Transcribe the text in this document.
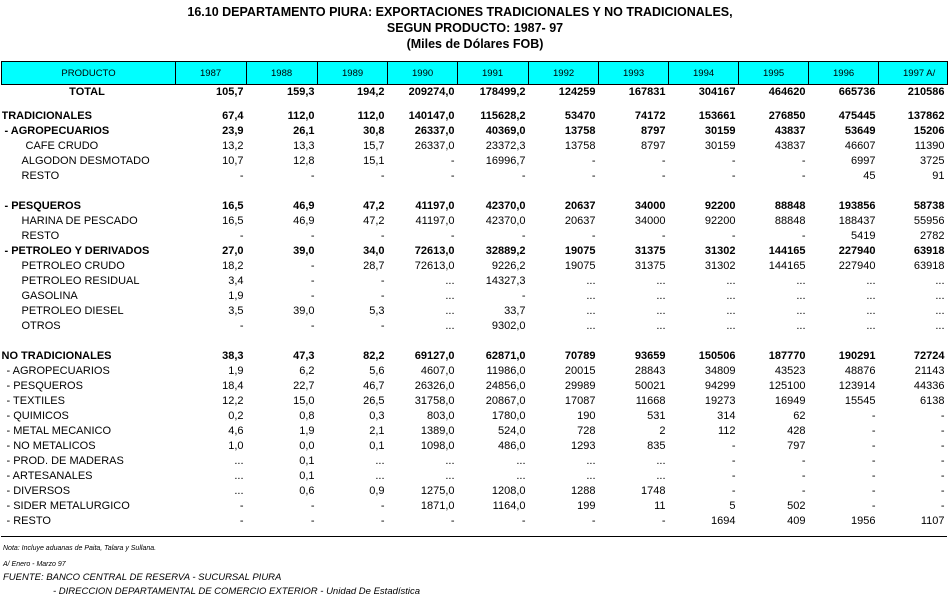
16.10 DEPARTAMENTO PIURA: EXPORTACIONES TRADICIONALES Y NO TRADICIONALES,
SEGUN PRODUCTO: 1987- 97
(Miles de Dólares FOB)
PRODUCTO	1987	1988	1989	1990	1991	1992	1993	1994	1995	1996	1997 A/
TOTAL	105,7	159,3	194,2	209274,0	178499,2	124259	167831	304167	464620	665736	210586

TRADICIONALES	67,4	112,0	112,0	140147,0	115628,2	53470	74172	153661	276850	475445	137862
- AGROPECUARIOS	23,9	26,1	30,8	26337,0	40369,0	13758	8797	30159	43837	53649	15206
CAFE CRUDO	13,2	13,3	15,7	26337,0	23372,3	13758	8797	30159	43837	46607	11390
ALGODON DESMOTADO	10,7	12,8	15,1	-	16996,7	-	-	-	-	6997	3725
RESTO	-	-	-	-	-	-	-	-	-	45	91

- PESQUEROS	16,5	46,9	47,2	41197,0	42370,0	20637	34000	92200	88848	193856	58738
HARINA DE PESCADO	16,5	46,9	47,2	41197,0	42370,0	20637	34000	92200	88848	188437	55956
RESTO	-	-	-	-	-	-	-	-	-	5419	2782
- PETROLEO Y DERIVADOS	27,0	39,0	34,0	72613,0	32889,2	19075	31375	31302	144165	227940	63918
PETROLEO CRUDO	18,2	-	28,7	72613,0	9226,2	19075	31375	31302	144165	227940	63918
PETROLEO RESIDUAL	3,4	-	-	...	14327,3	...	...	...	...	...	...
GASOLINA	1,9	-	-	...	-	...	...	...	...	...	...
PETROLEO DIESEL	3,5	39,0	5,3	...	33,7	...	...	...	...	...	...
OTROS	-	-	-	...	9302,0	...	...	...	...	...	...

NO TRADICIONALES	38,3	47,3	82,2	69127,0	62871,0	70789	93659	150506	187770	190291	72724
- AGROPECUARIOS	1,9	6,2	5,6	4607,0	11986,0	20015	28843	34809	43523	48876	21143
- PESQUEROS	18,4	22,7	46,7	26326,0	24856,0	29989	50021	94299	125100	123914	44336
- TEXTILES	12,2	15,0	26,5	31758,0	20867,0	17087	11668	19273	16949	15545	6138
- QUIMICOS	0,2	0,8	0,3	803,0	1780,0	190	531	314	62	-	-
- METAL MECANICO	4,6	1,9	2,1	1389,0	524,0	728	2	112	428	-	-
- NO METALICOS	1,0	0,0	0,1	1098,0	486,0	1293	835	-	797	-	-
- PROD. DE MADERAS	...	0,1	...	...	...	...	...	-	-	-	-
- ARTESANALES	...	0,1	...	...	...	...	...	-	-	-	-
- DIVERSOS	...	0,6	0,9	1275,0	1208,0	1288	1748	-	-	-	-
- SIDER METALURGICO	-	-	-	1871,0	1164,0	199	11	5	502	-	-
- RESTO	-	-	-	-	-	-	-	1694	409	1956	1107
Nota: Incluye aduanas de Paita, Talara y Sullana.
A/ Enero - Marzo 97
FUENTE: BANCO CENTRAL DE RESERVA - SUCURSAL PIURA
- DIRECCION DEPARTAMENTAL DE COMERCIO EXTERIOR - Unidad De Estadística
